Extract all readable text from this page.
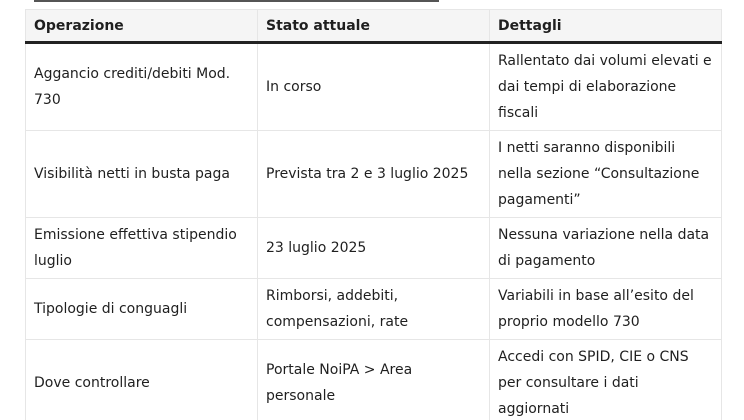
Operazione	Stato attuale	Dettagli
Aggancio crediti/debiti Mod. 730	In corso	Rallentato dai volumi elevati e dai tempi di elaborazione fiscali
Visibilità netti in busta paga	Prevista tra 2 e 3 luglio 2025	I netti saranno disponibili nella sezione “Consultazione pagamenti”
Emissione effettiva stipendio luglio	23 luglio 2025	Nessuna variazione nella data di pagamento
Tipologie di conguagli	Rimborsi, addebiti, compensazioni, rate	Variabili in base all’esito del proprio modello 730
Dove controllare	Portale NoiPA > Area personale	Accedi con SPID, CIE o CNS per consultare i dati aggiornati
